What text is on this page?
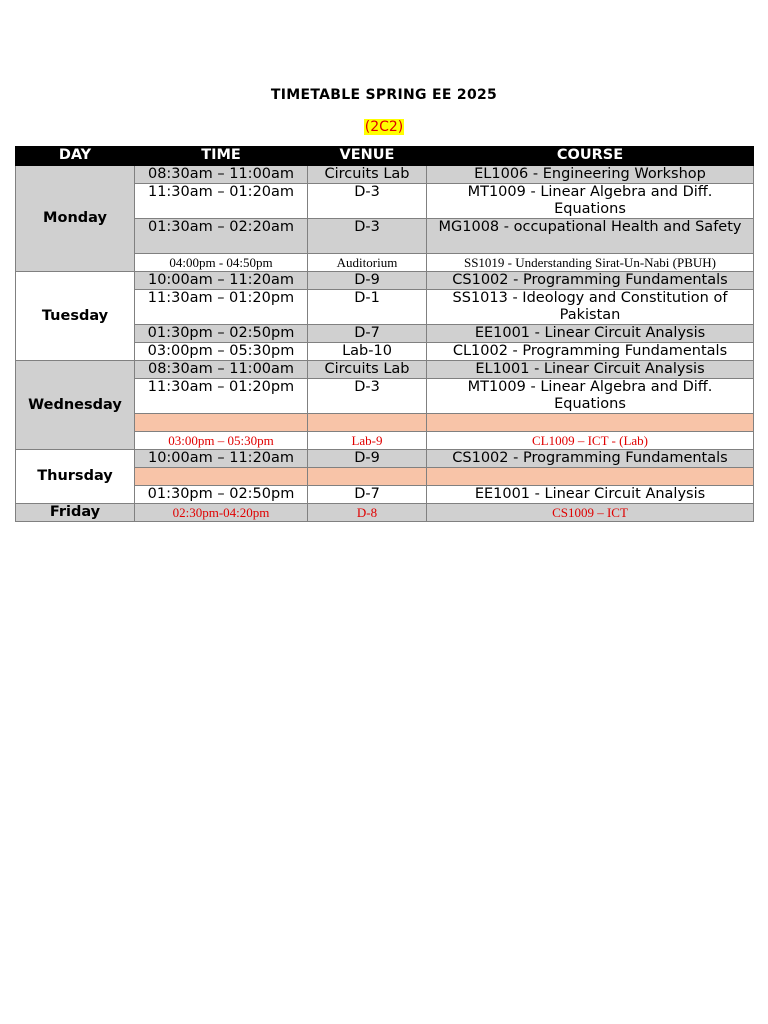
TIMETABLE SPRING EE 2025
(2C2)
DAY	TIME	VENUE	COURSE
Monday	08:30am – 11:00am	Circuits Lab	EL1006 - Engineering Workshop
	11:30am – 01:20am	D-3	MT1009 - Linear Algebra and Diff. Equations
	01:30am – 02:20am	D-3	MG1008 - occupational Health and Safety
	04:00pm - 04:50pm	Auditorium	SS1019 - Understanding Sirat-Un-Nabi (PBUH)
Tuesday	10:00am – 11:20am	D-9	CS1002 - Programming Fundamentals
	11:30am – 01:20pm	D-1	SS1013 - Ideology and Constitution of Pakistan
	01:30pm – 02:50pm	D-7	EE1001 - Linear Circuit Analysis
	03:00pm – 05:30pm	Lab-10	CL1002 - Programming Fundamentals
Wednesday	08:30am – 11:00am	Circuits Lab	EL1001 - Linear Circuit Analysis
	11:30am – 01:20pm	D-3	MT1009 - Linear Algebra and Diff. Equations

	03:00pm – 05:30pm	Lab-9	CL1009 – ICT - (Lab)
Thursday	10:00am – 11:20am	D-9	CS1002 - Programming Fundamentals

	01:30pm – 02:50pm	D-7	EE1001 - Linear Circuit Analysis
Friday	02:30pm-04:20pm	D-8	CS1009 – ICT
